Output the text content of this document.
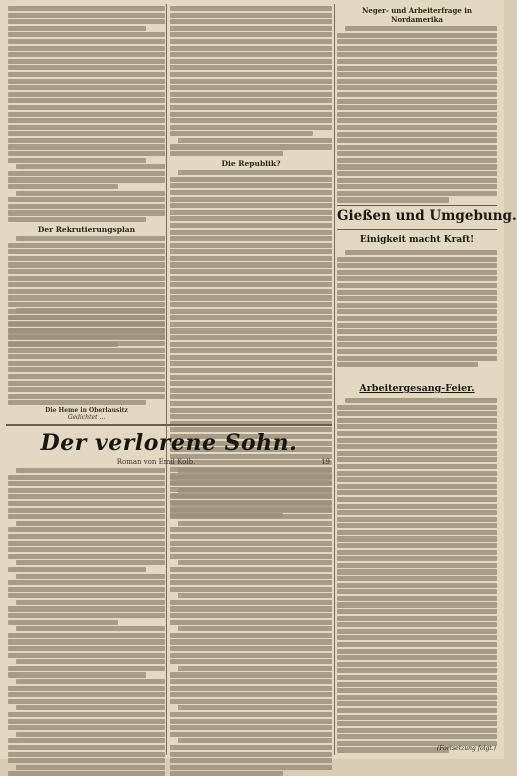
Der Rekrutierungsplan
Die Heme in Oberlausitz
Gedichtet ...
Die Republik?
Neger- und Arbeiterfrage in Nordamerika
Gießen und Umgebung.
Einigkeit macht Kraft!
Arbeitergesang-Feier.
Der verlorene Sohn.
Roman von Emil Kolb.	19
(Fortsetzung folgt.)
